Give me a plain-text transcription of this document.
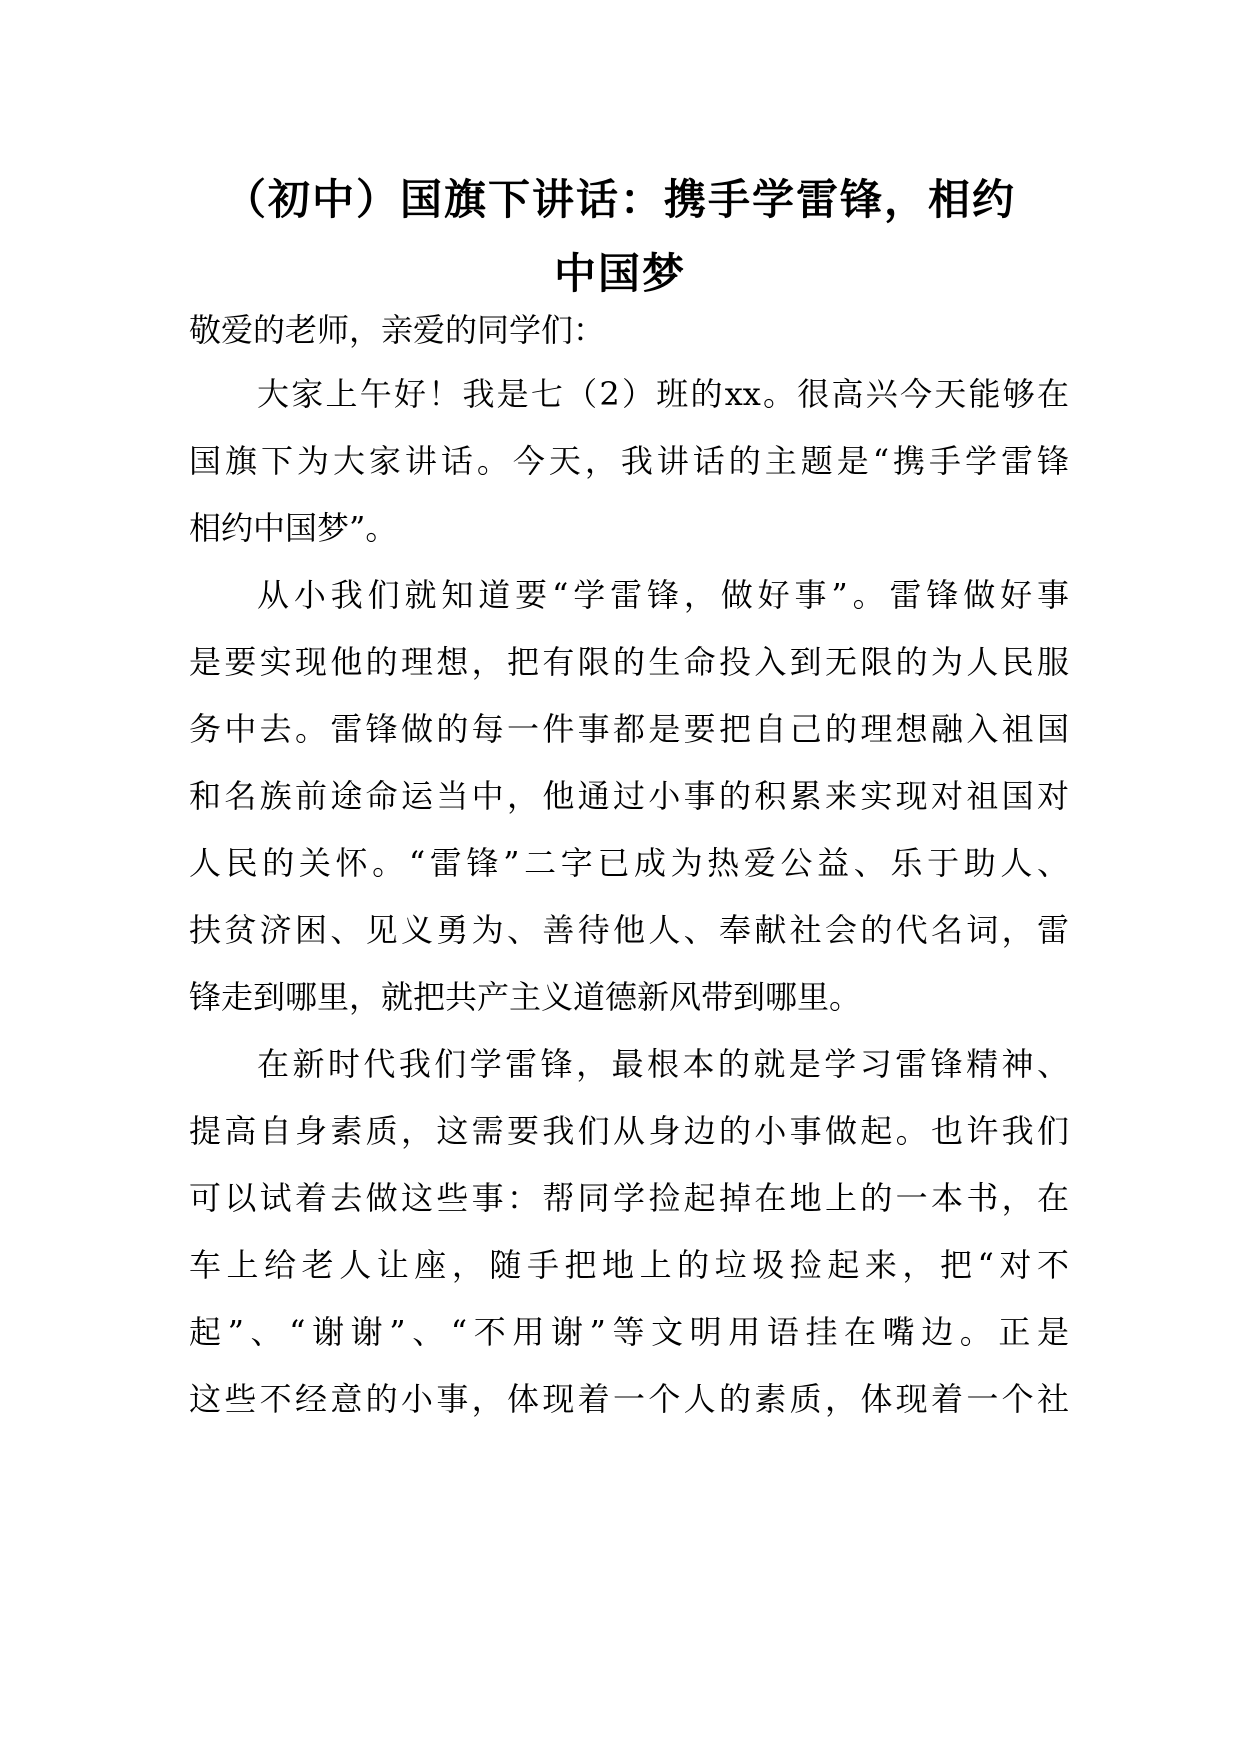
（初中）国旗下讲话：携手学雷锋，相约
中国梦
敬爱的老师，亲爱的同学们：
大家上午好！我是七（2）班的xx。很高兴今天能够在
国旗下为大家讲话。今天，我讲话的主题是“携手学雷锋
相约中国梦”。
从小我们就知道要“学雷锋，做好事”。雷锋做好事
是要实现他的理想，把有限的生命投入到无限的为人民服
务中去。雷锋做的每一件事都是要把自己的理想融入祖国
和名族前途命运当中，他通过小事的积累来实现对祖国对
人民的关怀。“雷锋”二字已成为热爱公益、乐于助人、
扶贫济困、见义勇为、善待他人、奉献社会的代名词，雷
锋走到哪里，就把共产主义道德新风带到哪里。
在新时代我们学雷锋，最根本的就是学习雷锋精神、
提高自身素质，这需要我们从身边的小事做起。也许我们
可以试着去做这些事：帮同学捡起掉在地上的一本书，在
车上给老人让座，随手把地上的垃圾捡起来，把“对不
起”、“谢谢”、“不用谢”等文明用语挂在嘴边。正是
这些不经意的小事，体现着一个人的素质，体现着一个社
